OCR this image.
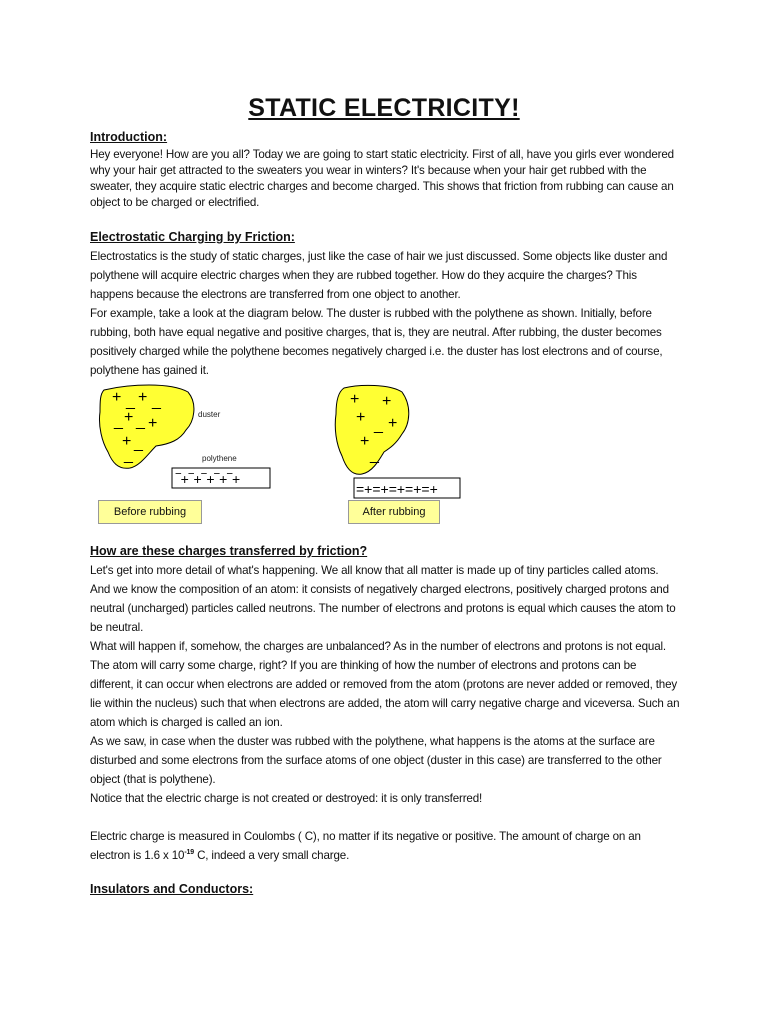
STATIC ELECTRICITY!
Introduction:

Hey everyone! How are you all? Today we are going to start static electricity. First of all, have you girls ever wondered why your hair get attracted to the sweaters you wear in winters? It's because when your hair get rubbed with the sweater, they acquire static electric charges and become charged. This shows that friction from rubbing can cause an object to be charged or electrified.

Electrostatic Charging by Friction:

Electrostatics is the study of static charges, just like the case of hair we just discussed. Some objects like duster and polythene will acquire electric charges when they are rubbed together. How do they acquire the charges? This happens because the electrons are transferred from one object to another.

For example, take a look at the diagram below. The duster is rubbed with the polythene as shown. Initially, before rubbing, both have equal negative and positive charges, that is, they are neutral. After rubbing, the duster becomes positively charged while the polythene becomes negatively charged i.e. the duster has lost electrons and of course, polythene has gained it.

+ _ + _
_ + _ +
+ _
_
‾+‾+‾+‾+‾+
+ +
+ _ +
+
_
=+=+=+=+=+
duster
polythene
Before rubbing	After rubbing
How are these charges transferred by friction?

Let's get into more detail of what's happening. We all know that all matter is made up of tiny particles called atoms. And we know the composition of an atom: it consists of negatively charged electrons, positively charged protons and neutral (uncharged) particles called neutrons. The number of electrons and protons is equal which causes the atom to be neutral.

What will happen if, somehow, the charges are unbalanced? As in the number of electrons and protons is not equal. The atom will carry some charge, right? If you are thinking of how the number of electrons and protons can be different, it can occur when electrons are added or removed from the atom (protons are never added or removed, they lie within the nucleus) such that when electrons are added, the atom will carry negative charge and viceversa. Such an atom which is charged is called an ion.

As we saw, in case when the duster was rubbed with the polythene, what happens is the atoms at the surface are disturbed and some electrons from the surface atoms of one object (duster in this case) are transferred to the other object (that is polythene).

Notice that the electric charge is not created or destroyed: it is only transferred!

Electric charge is measured in Coulombs ( C), no matter if its negative or positive. The amount of charge on an electron is 1.6 x $10^{-19}$ C, indeed a very small charge.

Insulators and Conductors:
